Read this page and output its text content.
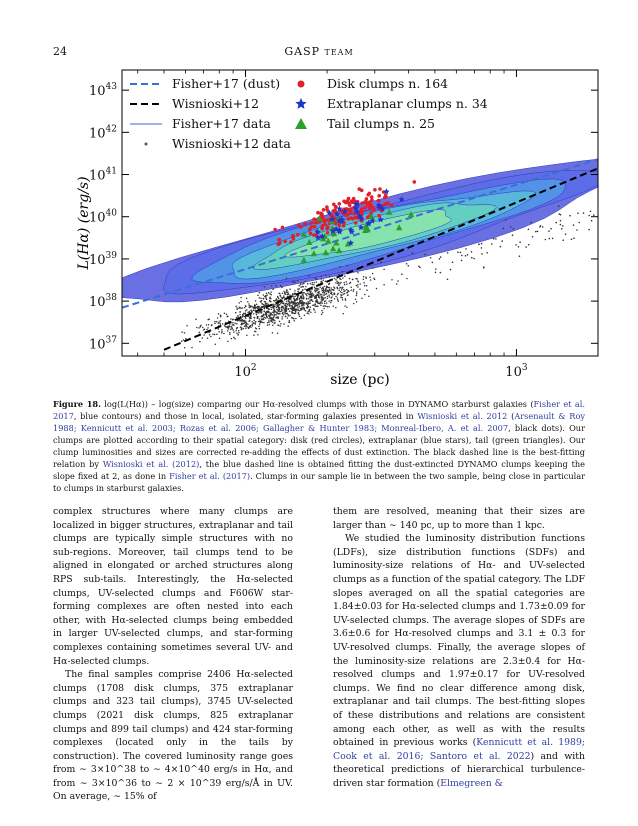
24	GASP team
$10^{37}$
$10^{38}$
$10^{39}$
$10^{40}$
$10^{41}$
$10^{42}$
$10^{43}$
$10^2$	$10^3$
size (pc)
L(Hα) (erg/s)
Fisher+17 (dust)
Wisnioski+12
Fisher+17 data
Wisnioski+12 data
Disk clumps n. 164
Extraplanar clumps n. 34
Tail clumps n. 25
Figure 18. log(L(Hα)) – log(size) comparing our Hα-resolved clumps with those in DYNAMO starburst galaxies (Fisher et al. 2017, blue contours) and those in local, isolated, star-forming galaxies presented in Wisnioski et al. 2012 (Arsenault & Roy 1988; Kennicutt et al. 2003; Rozas et al. 2006; Gallagher & Hunter 1983; Monreal-Ibero, A. et al. 2007, black dots). Our clumps are plotted according to their spatial category: disk (red circles), extraplanar (blue stars), tail (green triangles). Our clump luminosities and sizes are corrected re-adding the effects of dust extinction. The black dashed line is the best-fitting relation by Wisnioski et al. (2012), the blue dashed line is obtained fitting the dust-extincted DYNAMO clumps keeping the slope fixed at 2, as done in Fisher et al. (2017). Clumps in our sample lie in between the two sample, being close in particular to clumps in starburst galaxies.

complex structures where many clumps are localized in bigger structures, extraplanar and tail clumps are typically simple structures with no sub-regions. Moreover, tail clumps tend to be aligned in elongated or arched structures along RPS sub-tails. Interestingly, the Hα-selected clumps, UV-selected clumps and F606W star-forming complexes are often nested into each other, with Hα-selected clumps being embedded in larger UV-selected clumps, and star-forming complexes containing sometimes several UV- and Hα-selected clumps.

The final samples comprise 2406 Hα-selected clumps (1708 disk clumps, 375 extraplanar clumps and 323 tail clumps), 3745 UV-selected clumps (2021 disk clumps, 825 extraplanar clumps and 899 tail clumps) and 424 star-forming complexes (located only in the tails by construction). The covered luminosity range goes from ∼ 3×10^38 to ∼ 4×10^40 erg/s in Hα, and from ∼ 3×10^36 to ∼ 2 × 10^39 erg/s/Å in UV. On average, ∼ 15% of

them are resolved, meaning that their sizes are larger than ∼ 140 pc, up to more than 1 kpc.

We studied the luminosity distribution functions (LDFs), size distribution functions (SDFs) and luminosity-size relations of Hα- and UV-selected clumps as a function of the spatial category. The LDF slopes averaged on all the spatial categories are 1.84±0.03 for Hα-selected clumps and 1.73±0.09 for UV-selected clumps. The average slopes of SDFs are 3.6±0.6 for Hα-resolved clumps and 3.1 ± 0.3 for UV-resolved clumps. Finally, the average slopes of the luminosity-size relations are 2.3±0.4 for Hα-resolved clumps and 1.97±0.17 for UV-resolved clumps. We find no clear difference among disk, extraplanar and tail clumps. The best-fitting slopes of these distributions and relations are consistent among each other, as well as with the results obtained in previous works (Kennicutt et al. 1989; Cook et al. 2016; Santoro et al. 2022) and with theoretical predictions of hierarchical turbulence-driven star formation (Elmegreen &
